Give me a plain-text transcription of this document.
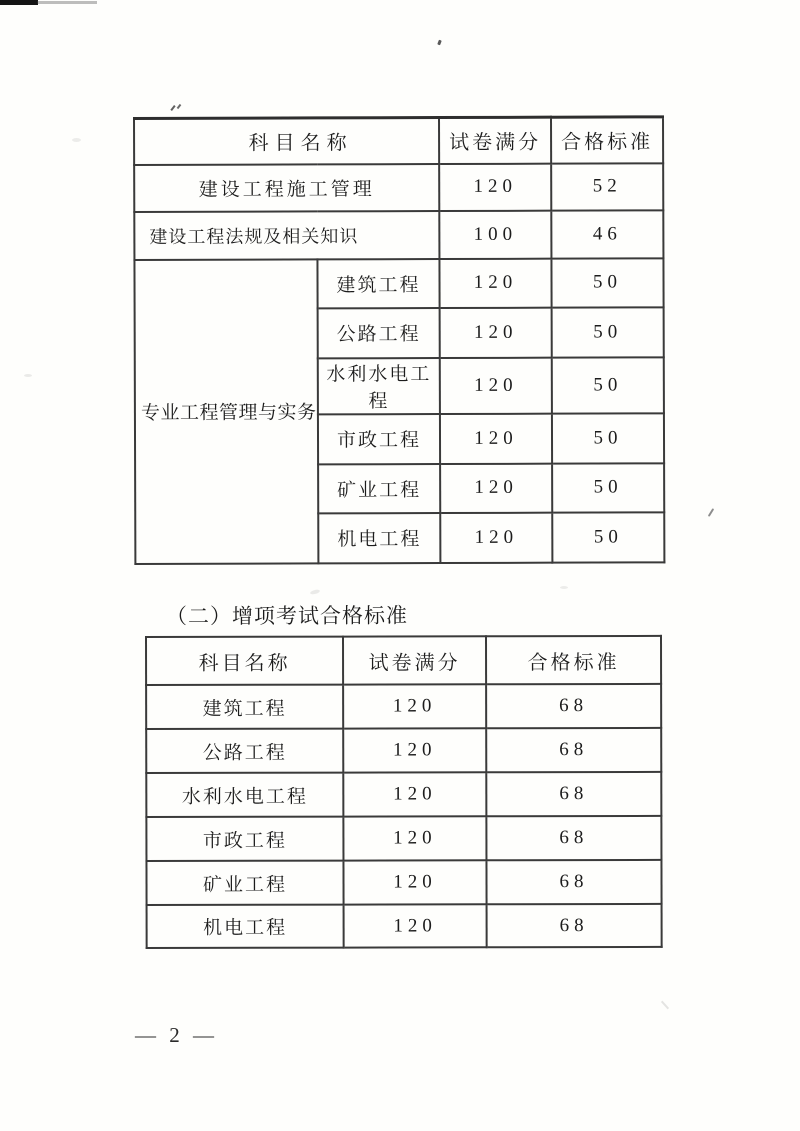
科目名称		试卷满分	合格标准
建设工程施工管理		120	52
建设工程法规及相关知识		100	46
专业工程管理与实务	建筑工程	120	50
	公路工程	120	50
	水利水电工程	120	50
	市政工程	120	50
	矿业工程	120	50
	机电工程	120	50
（二）增项考试合格标准
科目名称	试卷满分	合格标准
建筑工程	120	68
公路工程	120	68
水利水电工程	120	68
市政工程	120	68
矿业工程	120	68
机电工程	120	68
— 2 —
